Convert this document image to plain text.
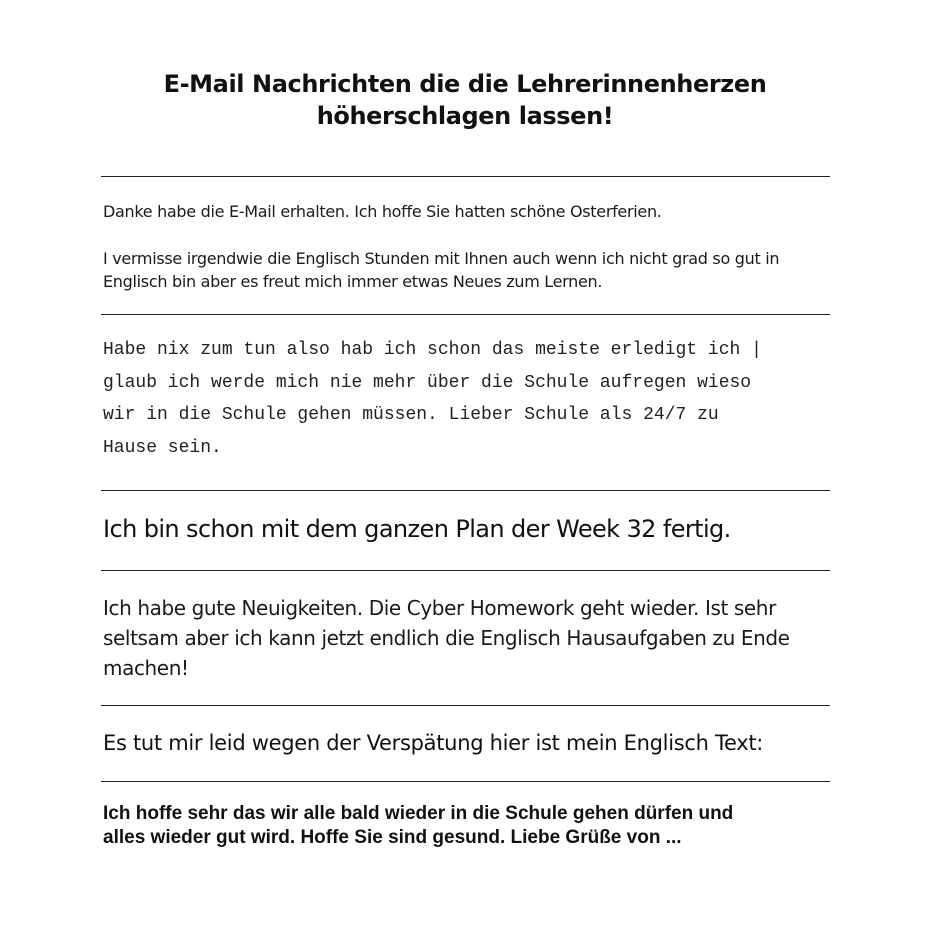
E-Mail Nachrichten die die Lehrerinnenherzen
höherschlagen lassen!

Danke habe die E-Mail erhalten. Ich hoffe Sie hatten schöne Osterferien.

I vermisse irgendwie die Englisch Stunden mit Ihnen auch wenn ich nicht grad so gut in
Englisch bin aber es freut mich immer etwas Neues zum Lernen.

Habe nix zum tun also hab ich schon das meiste erledigt ich |
glaub ich werde mich nie mehr über die Schule aufregen wieso
wir in die Schule gehen müssen. Lieber Schule als 24/7 zu
Hause sein.

Ich bin schon mit dem ganzen Plan der Week 32 fertig.

Ich habe gute Neuigkeiten. Die Cyber Homework geht wieder. Ist sehr
seltsam aber ich kann jetzt endlich die Englisch Hausaufgaben zu Ende
machen!

Es tut mir leid wegen der Verspätung hier ist mein Englisch Text:

Ich hoffe sehr das wir alle bald wieder in die Schule gehen dürfen und
alles wieder gut wird. Hoffe Sie sind gesund. Liebe Grüße von ...
